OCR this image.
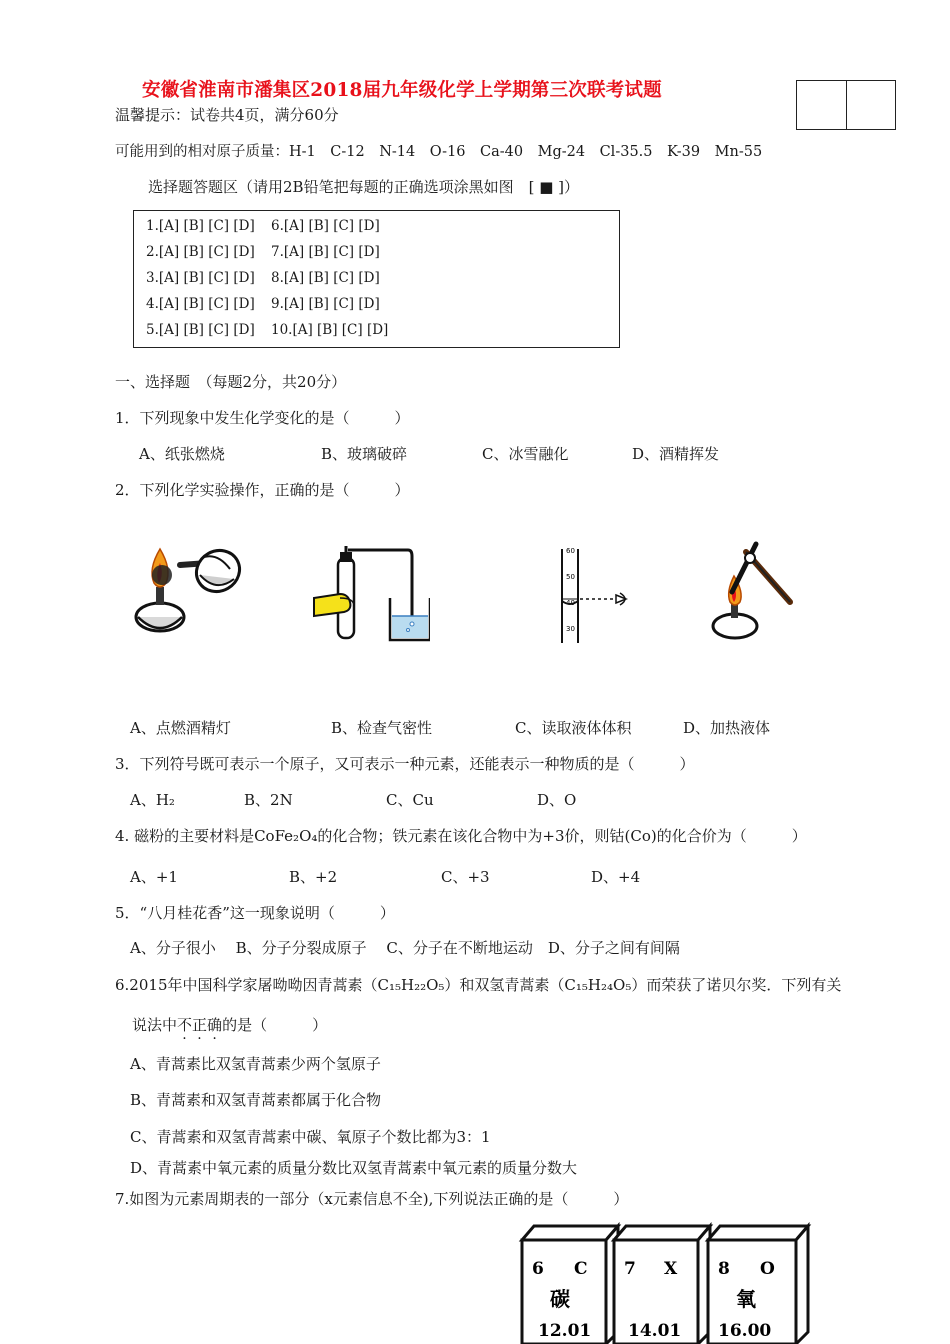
安徽省淮南市潘集区2018届九年级化学上学期第三次联考试题
温馨提示：试卷共4页，满分60分
可能用到的相对原子质量：H-1　C-12　N-14　O-16　Ca-40　Mg-24　Cl-35.5　K-39　Mn-55
选择题答题区（请用2B铅笔把每题的正确选项涂黑如图　[ ■ ]）
1.[A] [B] [C] [D] 6.[A] [B] [C] [D]
2.[A] [B] [C] [D] 7.[A] [B] [C] [D]
3.[A] [B] [C] [D] 8.[A] [B] [C] [D]
4.[A] [B] [C] [D] 9.[A] [B] [C] [D]
5.[A] [B] [C] [D] 10.[A] [B] [C] [D]
一、选择题　（每题2分，共20分）
1．下列现象中发生化学变化的是（　　　）
A、纸张燃烧	B、玻璃破碎	C、冰雪融化	D、酒精挥发
2．下列化学实验操作，正确的是（　　　）
60
50
40
30
A、点燃酒精灯	B、检查气密性	C、读取液体体积	D、加热液体
3．下列符号既可表示一个原子，又可表示一种元素，还能表示一种物质的是（　　　）
A、H₂	B、2N	C、Cu	D、O
4. 磁粉的主要材料是CoFe₂O₄的化合物；铁元素在该化合物中为+3价，则钴(Co)的化合价为（　　　）
A、+1	B、+2	C、+3	D、+4
5．“八月桂花香”这一现象说明（　　　）
A、分子很小　 B、分子分裂成原子　 C、分子在不断地运动　D、分子之间有间隔
6.2015年中国科学家屠呦呦因青蒿素（C₁₅H₂₂O₅）和双氢青蒿素（C₁₅H₂₄O₅）而荣获了诺贝尔奖．下列有关
说法中不正确的是（　　　）
A、青蒿素比双氢青蒿素少两个氢原子
B、青蒿素和双氢青蒿素都属于化合物
C、青蒿素和双氢青蒿素中碳、氧原子个数比都为3：1
D、青蒿素中氧元素的质量分数比双氢青蒿素中氧元素的质量分数大
7.如图为元素周期表的一部分（x元素信息不全),下列说法正确的是（　　　）
6 C
碳
12.01
7 X
14.01
8 O
氧
16.00
